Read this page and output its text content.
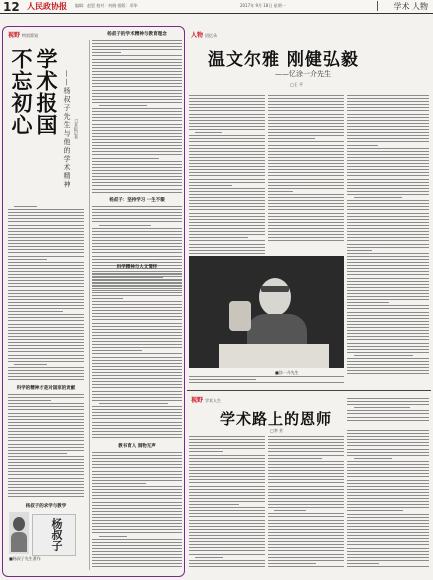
12 人民政协报 编辑：赵恩 校对：何晓 排版：邓华	2017年 9月 18日 星期一	学术 人物
视野 特别策划
学术报国
不忘初心	——杨叔子先生与他的学术精神 □本报记者
科学的精神才是对国家的贡献
杨叔子的求学与教学
杨叔子
■杨叔子先生著作
杨叔子的学术精神与教育理念
杨叔子：坚持学习 一生不辍
科学精神与人文情怀
教书育人 润物无声
人物 回忆录
温文尔雅 刚健弘毅
——忆涂一介先生
□王 平
■涂一介先生
视野 学术人生
学术路上的恩师
□李 芳
